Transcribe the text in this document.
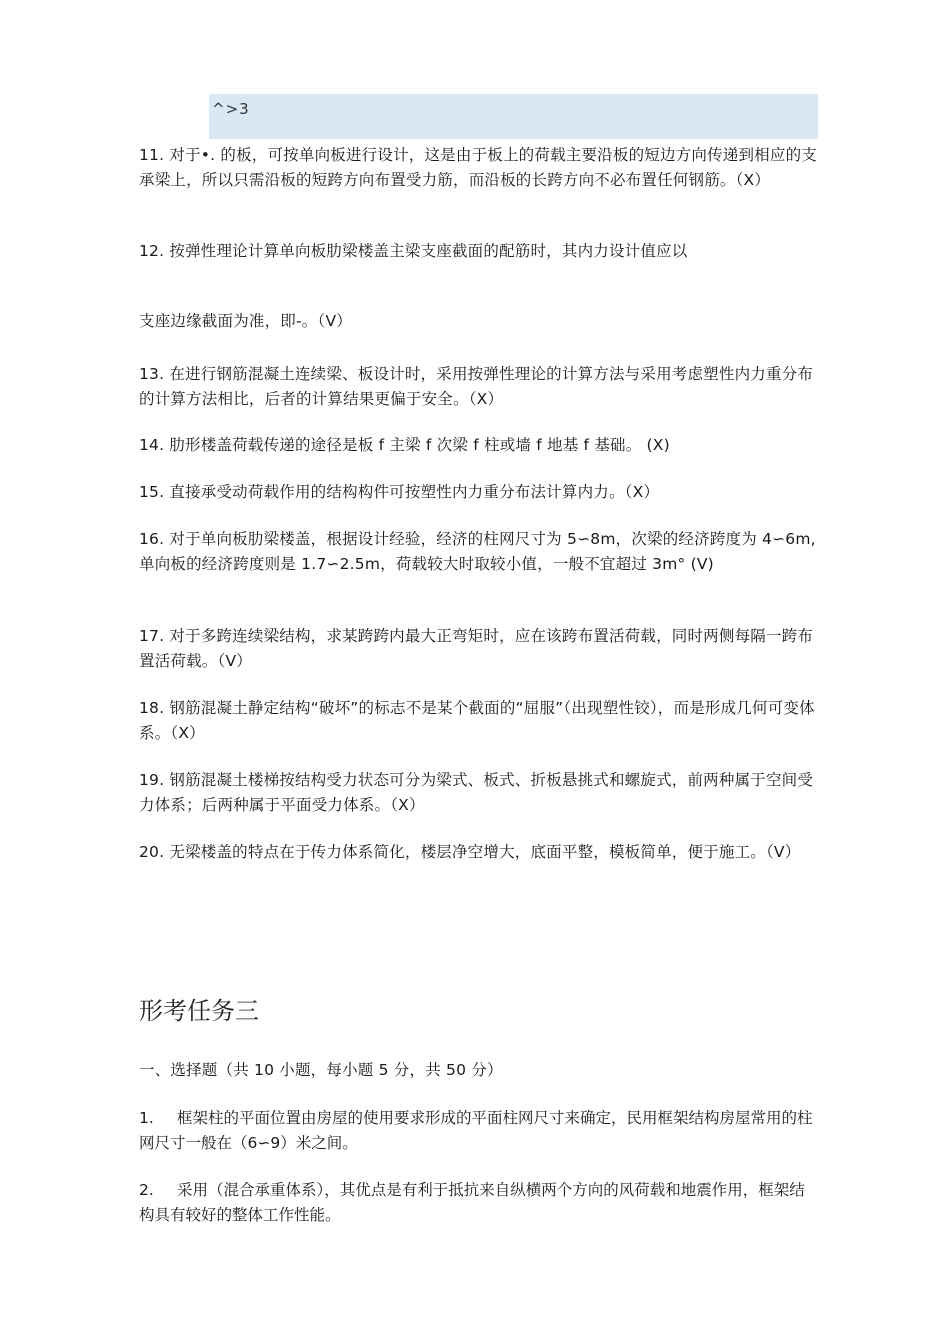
^>3
11. 对于•. 的板，可按单向板进行设计，这是由于板上的荷载主要沿板的短边方向传递到相应的支承梁上，所以只需沿板的短跨方向布置受力筋，而沿板的长跨方向不必布置任何钢筋。（X）
12. 按弹性理论计算单向板肋梁楼盖主梁支座截面的配筋时，其内力设计值应以
支座边缘截面为准，即-。（V）
13. 在进行钢筋混凝土连续梁、板设计时，采用按弹性理论的计算方法与采用考虑塑性内力重分布的计算方法相比，后者的计算结果更偏于安全。（X）
14. 肋形楼盖荷载传递的途径是板 f 主梁 f 次梁 f 柱或墙 f 地基 f 基础。 (X)
15. 直接承受动荷载作用的结构构件可按塑性内力重分布法计算内力。（X）
16. 对于单向板肋梁楼盖，根据设计经验，经济的柱网尺寸为 5∽8m，次梁的经济跨度为 4∽6m,单向板的经济跨度则是 1.7∽2.5m，荷载较大时取较小值，一般不宜超过 3m° (V)
17. 对于多跨连续梁结构，求某跨跨内最大正弯矩时，应在该跨布置活荷载，同时两侧每隔一跨布置活荷载。（V）
18. 钢筋混凝土静定结构“破坏”的标志不是某个截面的“屈服”（出现塑性铰），而是形成几何可变体系。（X）
19. 钢筋混凝土楼梯按结构受力状态可分为梁式、板式、折板悬挑式和螺旋式，前两种属于空间受力体系；后两种属于平面受力体系。（X）
20. 无梁楼盖的特点在于传力体系简化，楼层净空增大，底面平整，模板简单，便于施工。（V）
形考任务三
一、选择题（共 10 小题，每小题 5 分，共 50 分）
1. 框架柱的平面位置由房屋的使用要求形成的平面柱网尺寸来确定，民用框架结构房屋常用的柱网尺寸一般在（6∽9）米之间。
2. 采用（混合承重体系），其优点是有利于抵抗来自纵横两个方向的风荷载和地震作用，框架结构具有较好的整体工作性能。
